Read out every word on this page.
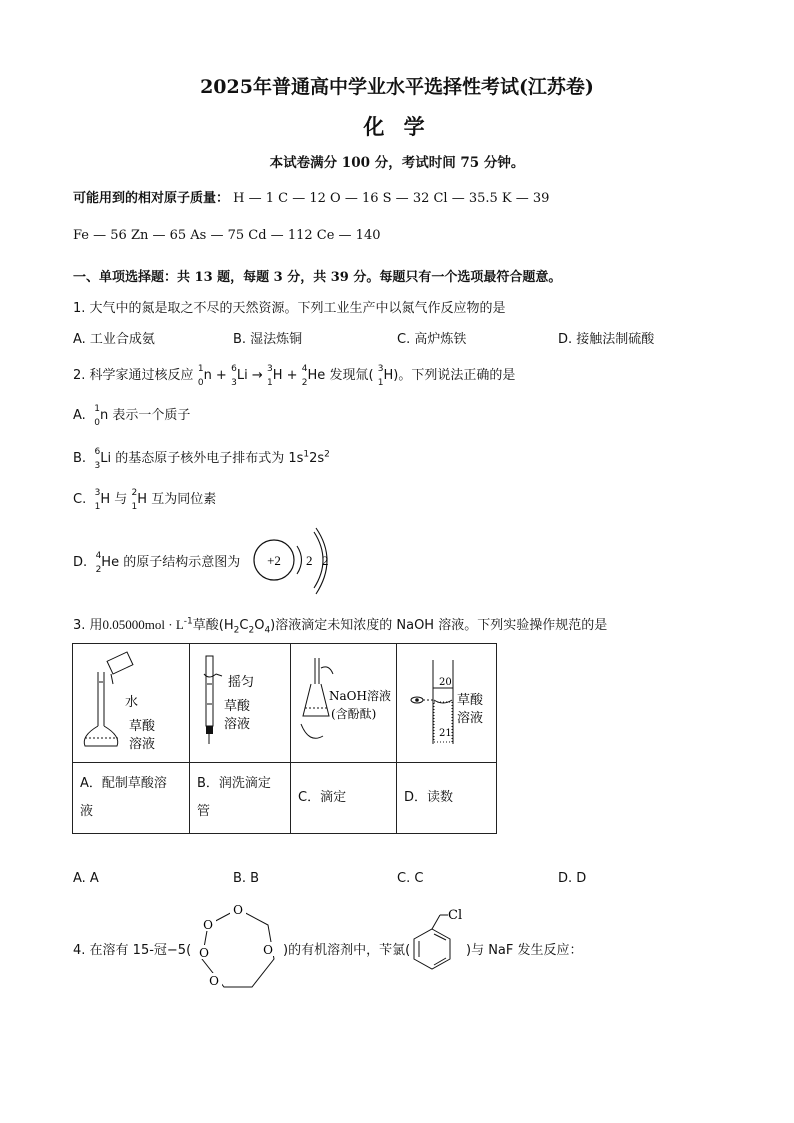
2025年普通高中学业水平选择性考试(江苏卷)
化 学
本试卷满分 100 分，考试时间 75 分钟。
可能用到的相对原子质量： H — 1 C — 12 O — 16 S — 32 Cl — 35.5 K — 39
Fe — 56 Zn — 65 As — 75 Cd — 112 Ce — 140
一、单项选择题：共 13 题，每题 3 分，共 39 分。每题只有一个选项最符合题意。
1. 大气中的氮是取之不尽的天然资源。下列工业生产中以氮气作反应物的是
A. 工业合成氨	B. 湿法炼铜	C. 高炉炼铁	D. 接触法制硫酸
2. 科学家通过核反应 1
0 n + 6
3 Li → 3
1 H + 4
2 He 发现氚( 3
1 H)。下列说法正确的是
A. 1
0 n 表示一个质子
B. 6
3 Li 的基态原子核外电子排布式为 $1s^12s^2$
C. 3
1 H 与 2
1 H 互为同位素
D. 4
2 He 的原子结构示意图为 +2 2 2
3. 用$0.05000mol \cdot L^{-1}$草酸$(H_2C_2O_4)$溶液滴定未知浓度的 NaOH 溶液。下列实验操作规范的是
水
草酸
溶液	摇匀
草酸
溶液	NaOH溶液
(含酚酞)	20
21
草酸
溶液

A．配制草酸溶
液	B．润洗滴定
管	C．滴定	D．读数
A. A	B. B	C. C	D. D
4. 在溶有 15-冠−5(
O
O
O
O
O
)的有机溶剂中，苄氯(
Cl
)与 NaF 发生反应：
